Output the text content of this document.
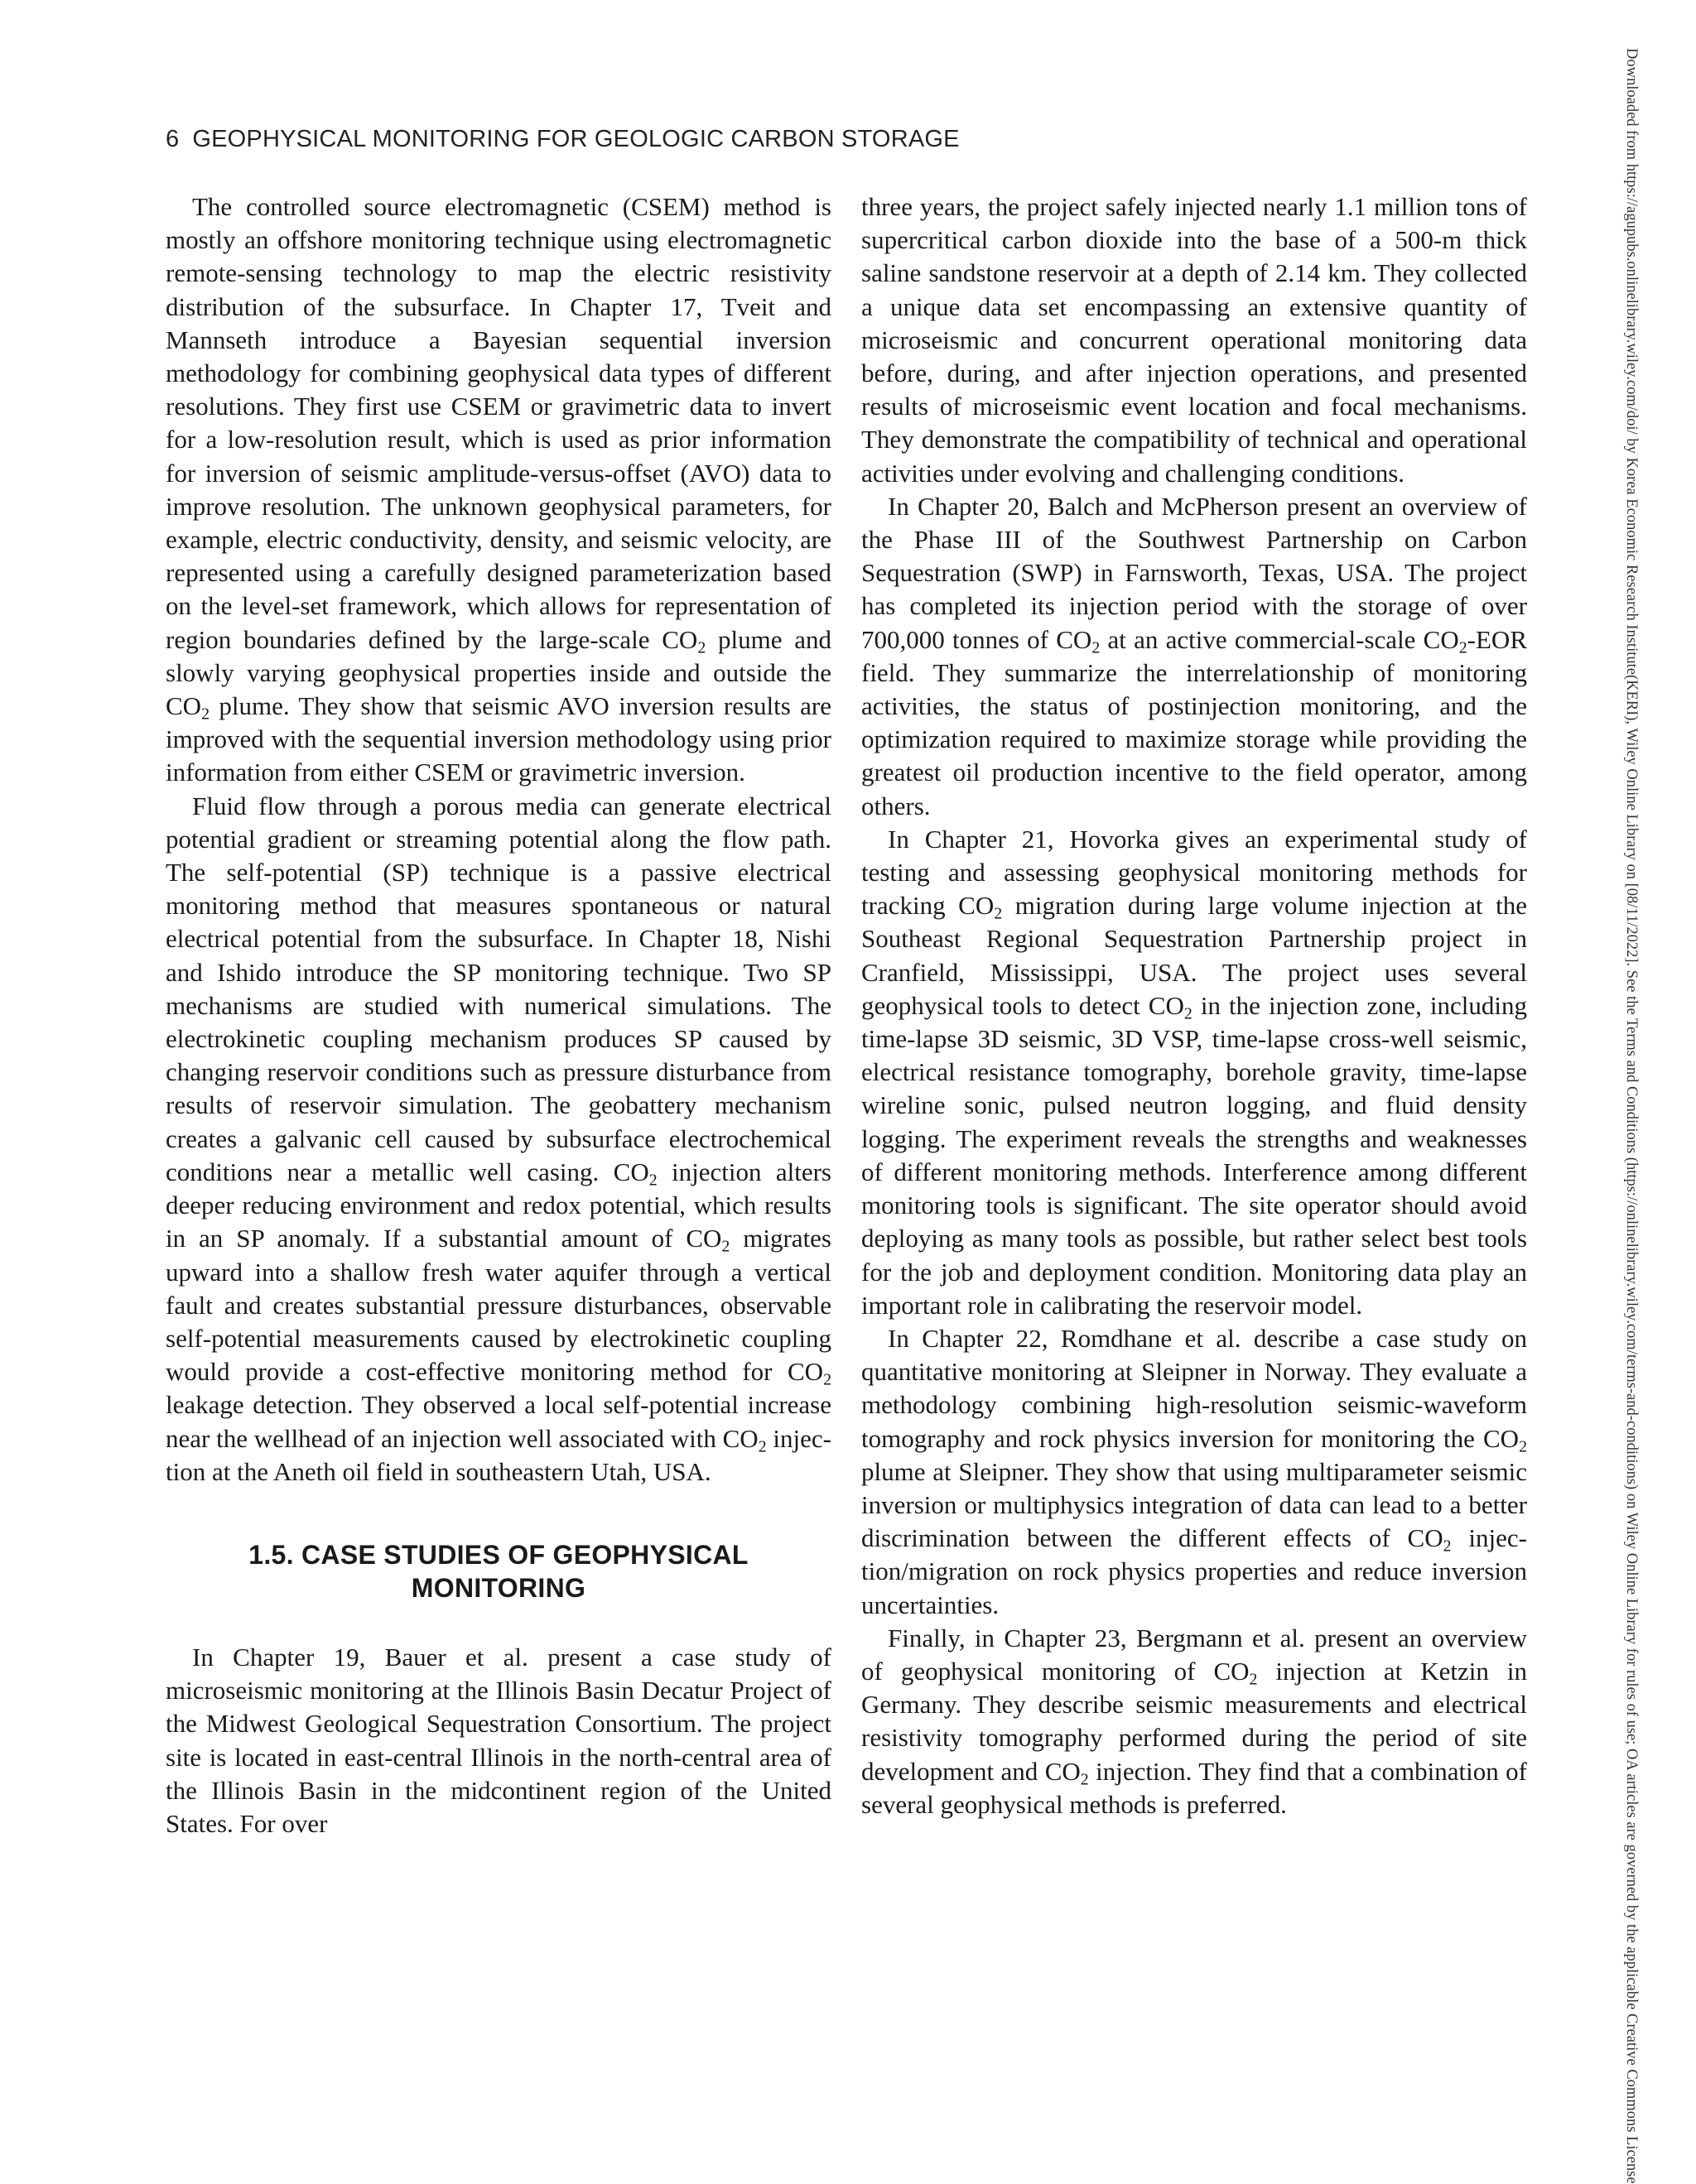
6 GEOPHYSICAL MONITORING FOR GEOLOGIC CARBON STORAGE

The controlled source electromagnetic (CSEM) method is mostly an offshore monitoring technique using electromagnetic remote-sensing technology to map the electric resistivity distribution of the subsurface. In Chapter 17, Tveit and Mannseth introduce a Bayesian sequential inversion methodology for combining geophysical data types of different resolutions. They first use CSEM or gravimetric data to invert for a low-resolution result, which is used as prior information for inversion of seismic amplitude-versus-offset (AVO) data to improve resolution. The unknown geophysical parameters, for example, electric conductivity, density, and seismic velocity, are represented using a carefully designed parameterization based on the level-set framework, which allows for representation of region boundaries defined by the large-scale $CO_2$ plume and slowly varying geophysical properties inside and outside the $CO_2$ plume. They show that seismic AVO inversion results are improved with the sequential inversion methodology using prior information from either CSEM or gravimetric inversion.

Fluid flow through a porous media can generate electrical potential gradient or streaming potential along the flow path. The self-potential (SP) technique is a passive electrical monitoring method that measures spontaneous or natural electrical potential from the subsurface. In Chapter 18, Nishi and Ishido introduce the SP monitoring technique. Two SP mechanisms are studied with numerical simulations. The electrokinetic coupling mechanism produces SP caused by changing reservoir conditions such as pressure disturbance from results of reservoir simulation. The geobattery mechanism creates a galvanic cell caused by subsurface electrochemical conditions near a metallic well casing. $CO_2$ injection alters deeper reducing environment and redox potential, which results in an SP anomaly. If a substantial amount of $CO_2$ migrates upward into a shallow fresh water aquifer through a vertical fault and creates substantial pressure disturbances, observable self-potential measurements caused by electrokinetic coupling would provide a cost-effective monitoring method for $CO_2$ leakage detection. They observed a local self-potential increase near the wellhead of an injection well associated with $CO_2$ injection at the Aneth oil field in southeastern Utah, USA.

1.5. CASE STUDIES OF GEOPHYSICAL
MONITORING

In Chapter 19, Bauer et al. present a case study of microseismic monitoring at the Illinois Basin Decatur Project of the Midwest Geological Sequestration Consortium. The project site is located in east-central Illinois in the north-central area of the Illinois Basin in the midcontinent region of the United States. For over

three years, the project safely injected nearly 1.1 million tons of supercritical carbon dioxide into the base of a 500-m thick saline sandstone reservoir at a depth of 2.14 km. They collected a unique data set encompassing an extensive quantity of microseismic and concurrent operational monitoring data before, during, and after injection operations, and presented results of microseismic event location and focal mechanisms. They demonstrate the compatibility of technical and operational activities under evolving and challenging conditions.

In Chapter 20, Balch and McPherson present an overview of the Phase III of the Southwest Partnership on Carbon Sequestration (SWP) in Farnsworth, Texas, USA. The project has completed its injection period with the storage of over 700,000 tonnes of $CO_2$ at an active commercial-scale $CO_2$-EOR field. They summarize the interrelationship of monitoring activities, the status of postinjection monitoring, and the optimization required to maximize storage while providing the greatest oil production incentive to the field operator, among others.

In Chapter 21, Hovorka gives an experimental study of testing and assessing geophysical monitoring methods for tracking $CO_2$ migration during large volume injection at the Southeast Regional Sequestration Partnership project in Cranfield, Mississippi, USA. The project uses several geophysical tools to detect $CO_2$ in the injection zone, including time-lapse 3D seismic, 3D VSP, time-lapse cross-well seismic, electrical resistance tomography, borehole gravity, time-lapse wireline sonic, pulsed neutron logging, and fluid density logging. The experiment reveals the strengths and weaknesses of different monitoring methods. Interference among different monitoring tools is significant. The site operator should avoid deploying as many tools as possible, but rather select best tools for the job and deployment condition. Monitoring data play an important role in calibrating the reservoir model.

In Chapter 22, Romdhane et al. describe a case study on quantitative monitoring at Sleipner in Norway. They evaluate a methodology combining high-resolution seismic-waveform tomography and rock physics inversion for monitoring the $CO_2$ plume at Sleipner. They show that using multiparameter seismic inversion or multiphysics integration of data can lead to a better discrimination between the different effects of $CO_2$ injection/migration on rock physics properties and reduce inversion uncertainties.

Finally, in Chapter 23, Bergmann et al. present an overview of geophysical monitoring of $CO_2$ injection at Ketzin in Germany. They describe seismic measurements and electrical resistivity tomography performed during the period of site development and $CO_2$ injection. They find that a combination of several geophysical methods is preferred.	Downloaded from https://agupubs.onlinelibrary.wiley.com/doi/ by Korea Economic Research Institute(KERI), Wiley Online Library on [08/11/2022]. See the Terms and Conditions (https://onlinelibrary.wiley.com/terms-and-conditions) on Wiley Online Library for rules of use; OA articles are governed by the applicable Creative Commons License
